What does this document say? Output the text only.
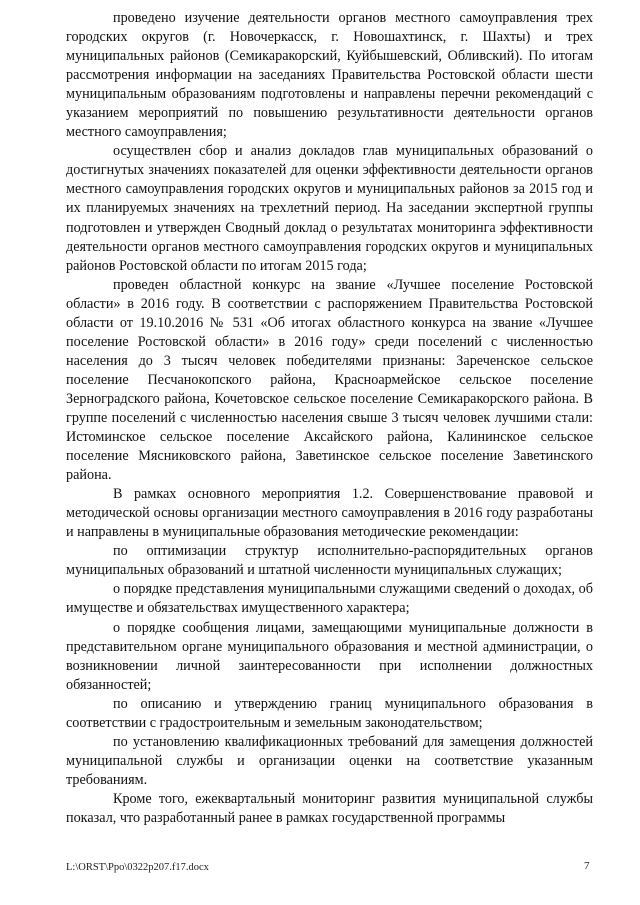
проведено изучение деятельности органов местного самоуправления трех городских округов (г. Новочеркасск, г. Новошахтинск, г. Шахты) и трех муниципальных районов (Семикаракорский, Куйбышевский, Обливский). По итогам рассмотрения информации на заседаниях Правительства Ростовской области шести муниципальным образованиям подготовлены и направлены перечни рекомендаций с указанием мероприятий по повышению результативности деятельности органов местного самоуправления;

осуществлен сбор и анализ докладов глав муниципальных образований о достигнутых значениях показателей для оценки эффективности деятельности органов местного самоуправления городских округов и муниципальных районов за 2015 год и их планируемых значениях на трехлетний период. На заседании экспертной группы подготовлен и утвержден Сводный доклад о результатах мониторинга эффективности деятельности органов местного самоуправления городских округов и муниципальных районов Ростовской области по итогам 2015 года;

проведен областной конкурс на звание «Лучшее поселение Ростовской области» в 2016 году. В соответствии с распоряжением Правительства Ростовской области от 19.10.2016 № 531 «Об итогах областного конкурса на звание «Лучшее поселение Ростовской области» в 2016 году» среди поселений с численностью населения до 3 тысяч человек победителями признаны: Зареченское сельское поселение Песчанокопского района, Красноармейское сельское поселение Зерноградского района, Кочетовское сельское поселение Семикаракорского района. В группе поселений с численностью населения свыше 3 тысяч человек лучшими стали: Истоминское сельское поселение Аксайского района, Калининское сельское поселение Мясниковского района, Заветинское сельское поселение Заветинского района.

В рамках основного мероприятия 1.2. Совершенствование правовой и методической основы организации местного самоуправления в 2016 году разработаны и направлены в муниципальные образования методические рекомендации:

по оптимизации структур исполнительно-распорядительных органов муниципальных образований и штатной численности муниципальных служащих;

о порядке представления муниципальными служащими сведений о доходах, об имуществе и обязательствах имущественного характера;

о порядке сообщения лицами, замещающими муниципальные должности в представительном органе муниципального образования и местной администрации, о возникновении личной заинтересованности при исполнении должностных обязанностей;

по описанию и утверждению границ муниципального образования в соответствии с градостроительным и земельным законодательством;

по установлению квалификационных требований для замещения должностей муниципальной службы и организации оценки на соответствие указанным требованиям.

Кроме того, ежеквартальный мониторинг развития муниципальной службы показал, что разработанный ранее в рамках государственной программы

L:\ORST\Ppo\0322p207.f17.docx	7
